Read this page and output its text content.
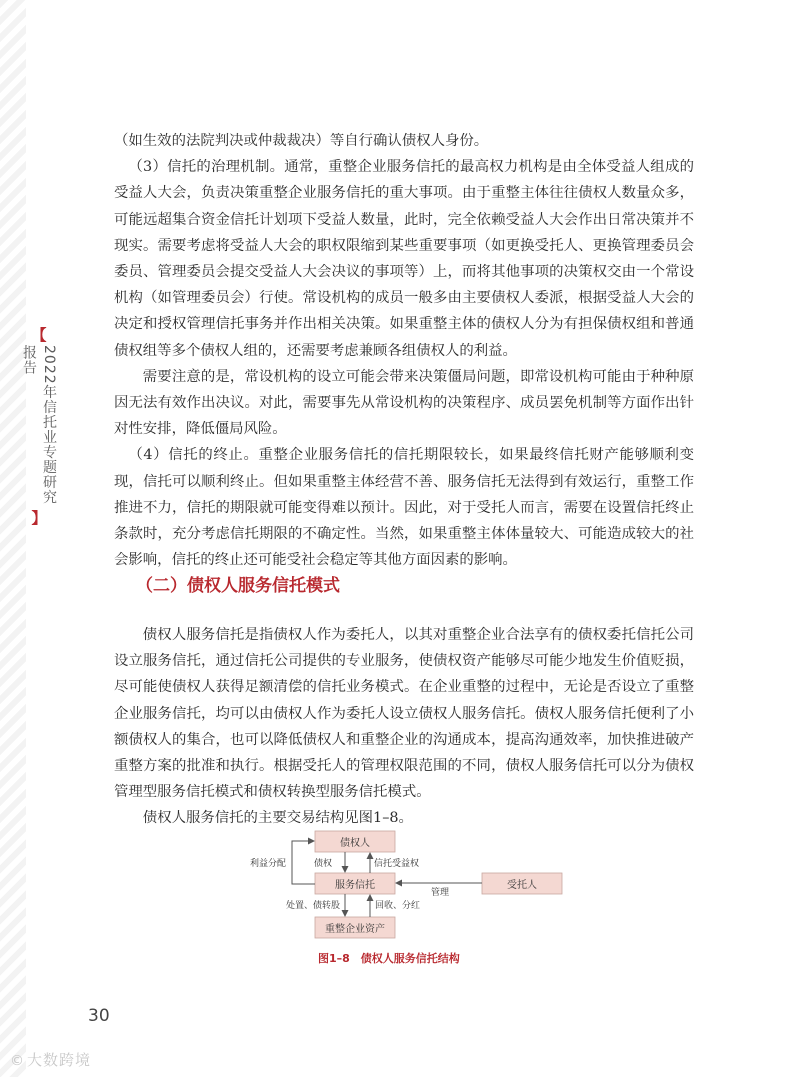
【
2022年信托业专题研究报告
】

（如生效的法院判决或仲裁裁决）等自行确认债权人身份。

（3）信托的治理机制。通常，重整企业服务信托的最高权力机构是由全体受益人组成的受益人大会，负责决策重整企业服务信托的重大事项。由于重整主体往往债权人数量众多，可能远超集合资金信托计划项下受益人数量，此时，完全依赖受益人大会作出日常决策并不现实。需要考虑将受益人大会的职权限缩到某些重要事项（如更换受托人、更换管理委员会委员、管理委员会提交受益人大会决议的事项等）上，而将其他事项的决策权交由一个常设机构（如管理委员会）行使。常设机构的成员一般多由主要债权人委派，根据受益人大会的决定和授权管理信托事务并作出相关决策。如果重整主体的债权人分为有担保债权组和普通债权组等多个债权人组的，还需要考虑兼顾各组债权人的利益。

需要注意的是，常设机构的设立可能会带来决策僵局问题，即常设机构可能由于种种原因无法有效作出决议。对此，需要事先从常设机构的决策程序、成员罢免机制等方面作出针对性安排，降低僵局风险。

（4）信托的终止。重整企业服务信托的信托期限较长，如果最终信托财产能够顺利变现，信托可以顺利终止。但如果重整主体经营不善、服务信托无法得到有效运行，重整工作推进不力，信托的期限就可能变得难以预计。因此，对于受托人而言，需要在设置信托终止条款时，充分考虑信托期限的不确定性。当然，如果重整主体体量较大、可能造成较大的社会影响，信托的终止还可能受社会稳定等其他方面因素的影响。

（二）债权人服务信托模式

债权人服务信托是指债权人作为委托人，以其对重整企业合法享有的债权委托信托公司设立服务信托，通过信托公司提供的专业服务，使债权资产能够尽可能少地发生价值贬损，尽可能使债权人获得足额清偿的信托业务模式。在企业重整的过程中，无论是否设立了重整企业服务信托，均可以由债权人作为委托人设立债权人服务信托。债权人服务信托便利了小额债权人的集合，也可以降低债权人和重整企业的沟通成本，提高沟通效率，加快推进破产重整方案的批准和执行。根据受托人的管理权限范围的不同，债权人服务信托可以分为债权管理型服务信托模式和债权转换型服务信托模式。

债权人服务信托的主要交易结构见图1–8。

债权人
服务信托	受托人
重整企业资产
债权	信托受益权
利益分配
管理
处置、债转股	回收、分红
图1–8　债权人服务信托结构
30
© 大数跨境
